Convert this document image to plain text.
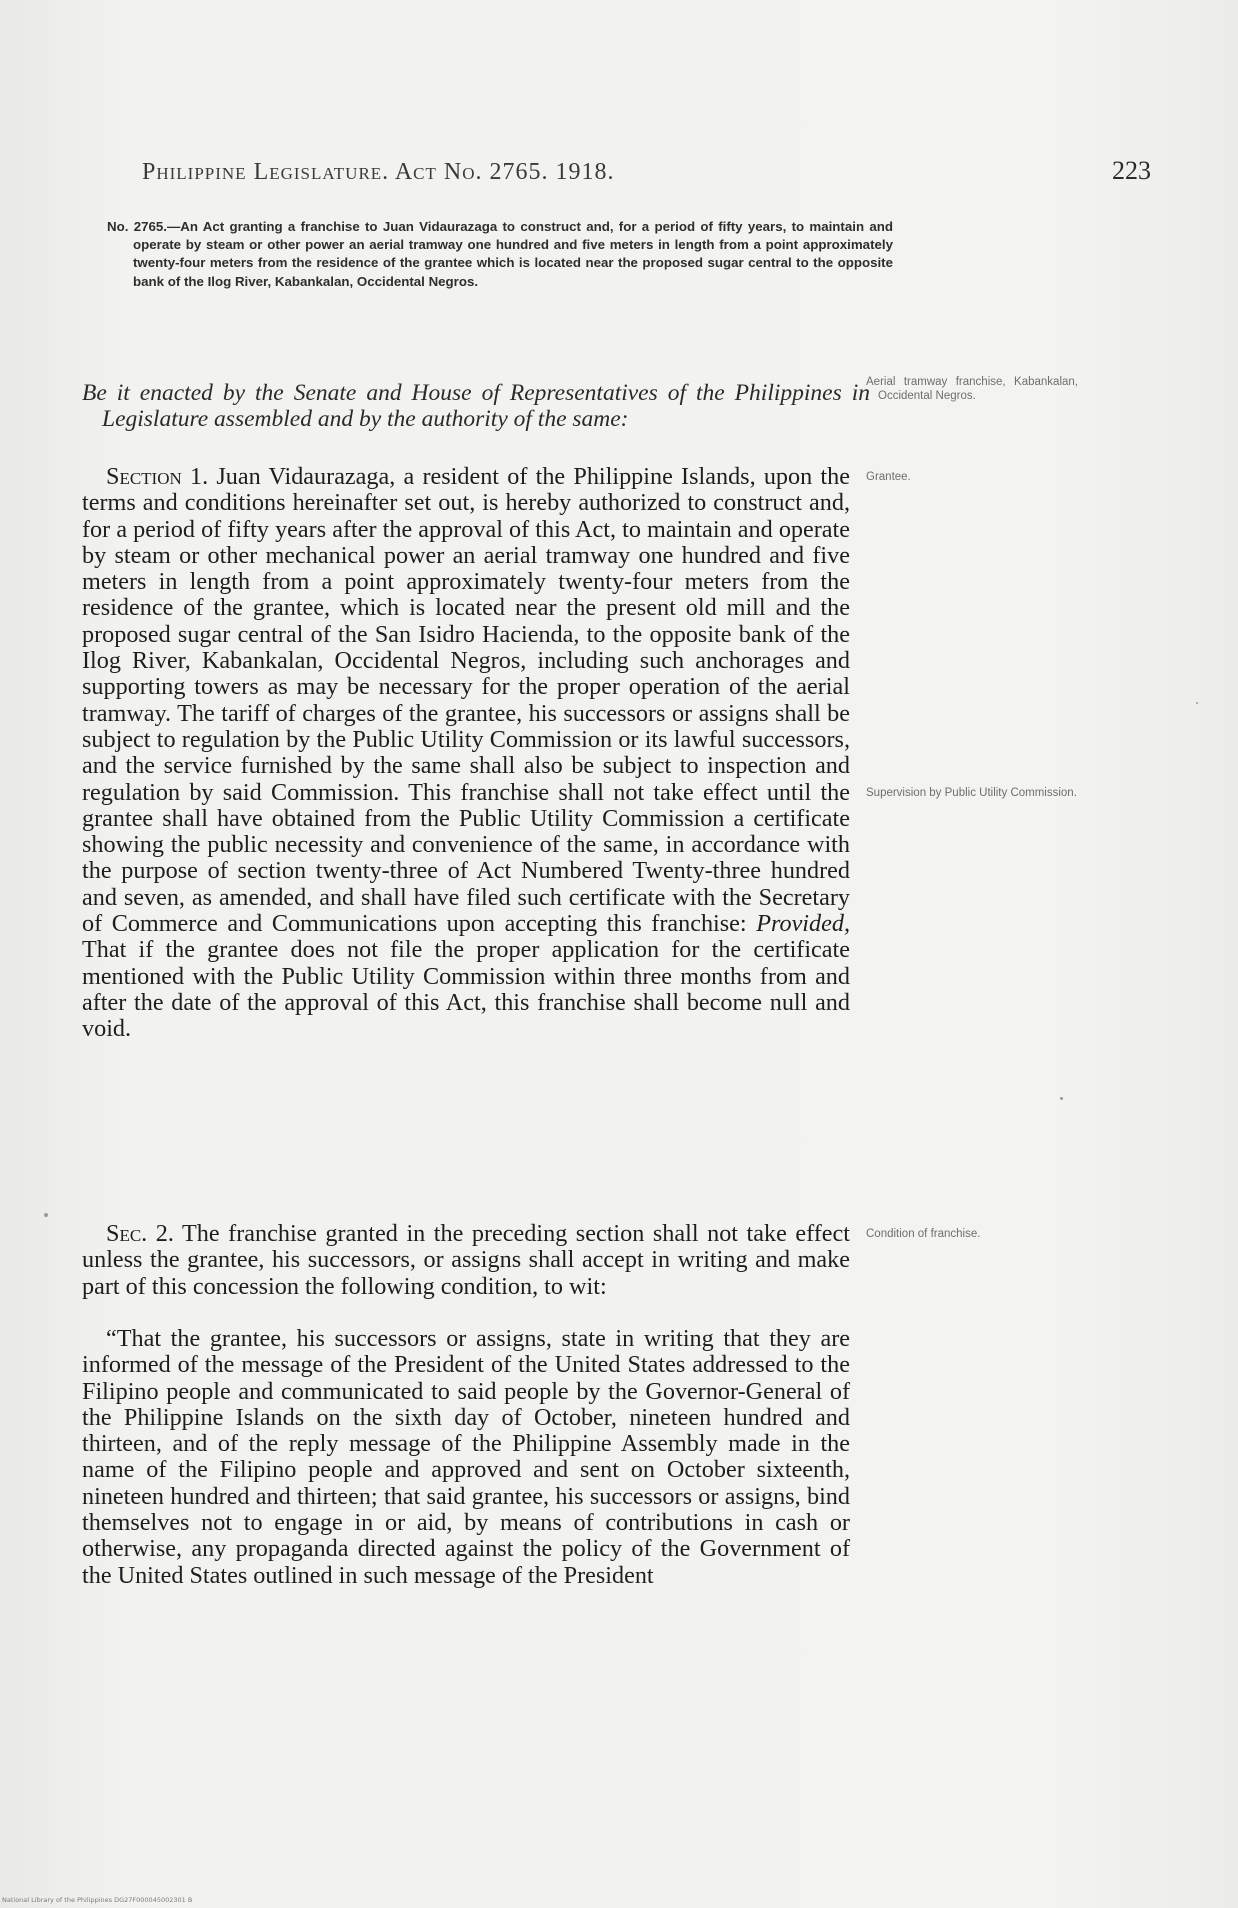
Philippine Legislature. Act No. 2765. 1918.	223
No. 2765.—An Act granting a franchise to Juan Vidaurazaga to construct and, for a period of fifty years, to maintain and operate by steam or other power an aerial tramway one hundred and five meters in length from a point approximately twenty-four meters from the residence of the grantee which is located near the proposed sugar central to the opposite bank of the Ilog River, Kabankalan, Occidental Negros.
Be it enacted by the Senate and House of Representatives of the Philippines in Legislature assembled and by the authority of the same:

Section 1. Juan Vidaurazaga, a resident of the Philippine Islands, upon the terms and conditions hereinafter set out, is hereby authorized to construct and, for a period of fifty years after the approval of this Act, to maintain and operate by steam or other mechanical power an aerial tramway one hundred and five meters in length from a point approximately twenty-four meters from the residence of the grantee, which is located near the present old mill and the proposed sugar central of the San Isidro Hacienda, to the opposite bank of the Ilog River, Kabankalan, Occidental Negros, including such anchorages and supporting towers as may be necessary for the proper operation of the aerial tramway. The tariff of charges of the grantee, his successors or assigns shall be subject to regulation by the Public Utility Commission or its lawful successors, and the service furnished by the same shall also be subject to inspection and regulation by said Commission. This franchise shall not take effect until the grantee shall have obtained from the Public Utility Commission a certificate showing the public necessity and convenience of the same, in accordance with the purpose of section twenty-three of Act Numbered Twenty-three hundred and seven, as amended, and shall have filed such certificate with the Secretary of Commerce and Communications upon accepting this franchise: Provided, That if the grantee does not file the proper application for the certificate mentioned with the Public Utility Commission within three months from and after the date of the approval of this Act, this franchise shall become null and void.

Sec. 2. The franchise granted in the preceding section shall not take effect unless the grantee, his successors, or assigns shall accept in writing and make part of this concession the following condition, to wit:

“That the grantee, his successors or assigns, state in writing that they are informed of the message of the President of the United States addressed to the Filipino people and communicated to said people by the Governor-General of the Philippine Islands on the sixth day of October, nineteen hundred and thirteen, and of the reply message of the Philippine Assembly made in the name of the Filipino people and approved and sent on October sixteenth, nineteen hundred and thirteen; that said grantee, his successors or assigns, bind themselves not to engage in or aid, by means of contributions in cash or otherwise, any propaganda directed against the policy of the Government of the United States outlined in such message of the President

Aerial tramway franchise, Kabankalan, Occidental Negros.
Grantee.
Supervision by Public Utility Commission.
Condition of franchise.
National Library of the Philippines DG27F000045002301 B
